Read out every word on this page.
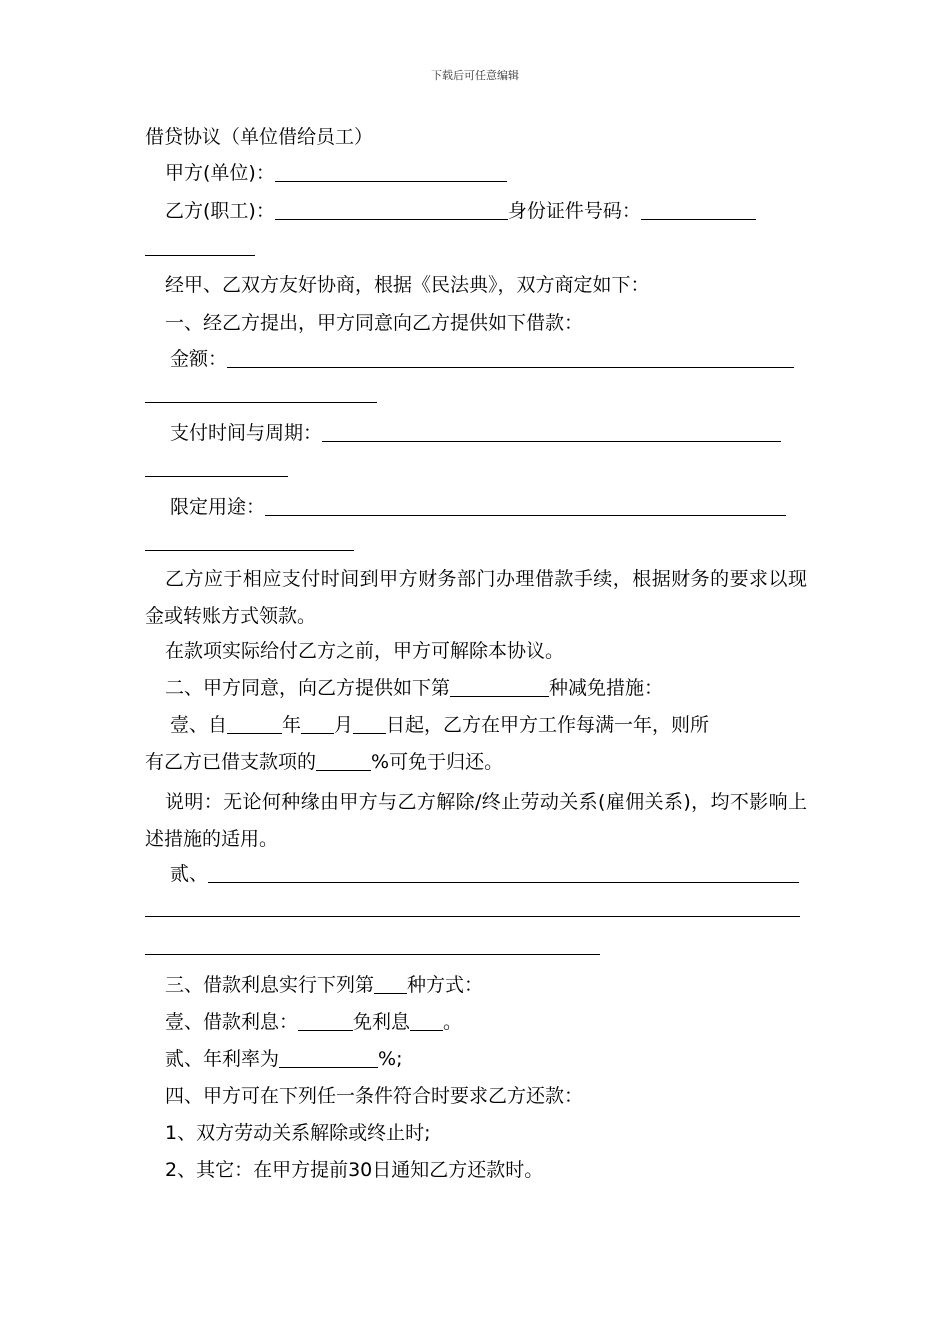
下载后可任意编辑
借贷协议（单位借给员工）
甲方(单位)：
乙方(职工)：	身份证件号码：
经甲、乙双方友好协商，根据《民法典》，双方商定如下：
一、经乙方提出，甲方同意向乙方提供如下借款：
金额：
支付时间与周期：
限定用途：
乙方应于相应支付时间到甲方财务部门办理借款手续，根据财务的要求以现金或转账方式领款。
在款项实际给付乙方之前，甲方可解除本协议。
二、甲方同意，向乙方提供如下第	种减免措施：
壹、自	年 月 日起，乙方在甲方工作每满一年，则所
有乙方已借支款项的	%可免于归还。
说明：无论何种缘由甲方与乙方解除/终止劳动关系(雇佣关系)，均不影响上述措施的适用。
贰、
三、借款利息实行下列第 种方式：
壹、借款利息：	免利息 。
贰、年利率为	%;
四、甲方可在下列任一条件符合时要求乙方还款：
1、双方劳动关系解除或终止时;
2、其它：在甲方提前30日通知乙方还款时。
